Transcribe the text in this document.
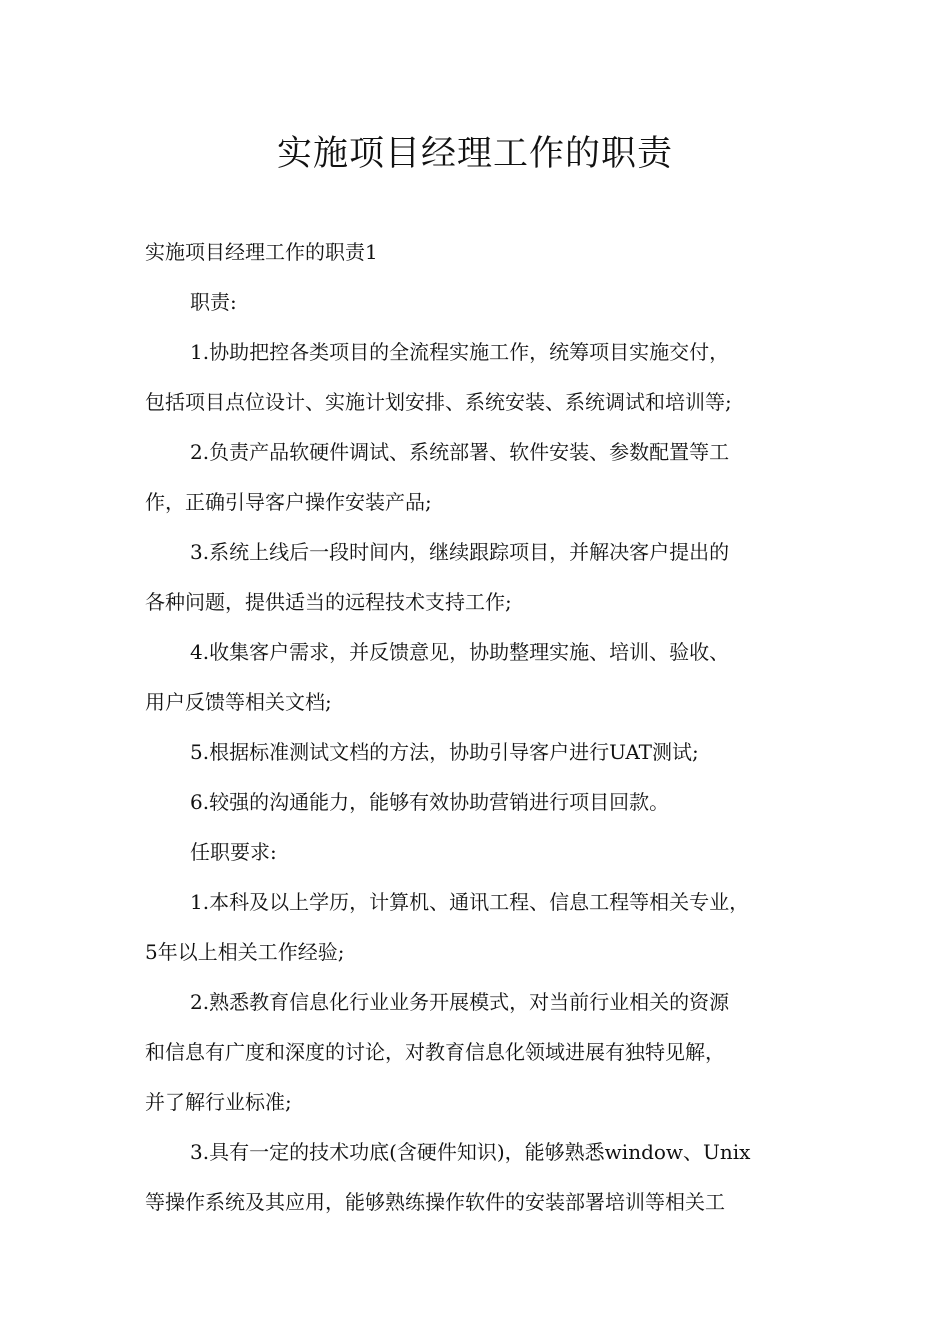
实施项目经理工作的职责

实施项目经理工作的职责1

职责:

1.协助把控各类项目的全流程实施工作，统筹项目实施交付，

包括项目点位设计、实施计划安排、系统安装、系统调试和培训等;

2.负责产品软硬件调试、系统部署、软件安装、参数配置等工

作，正确引导客户操作安装产品;

3.系统上线后一段时间内，继续跟踪项目，并解决客户提出的

各种问题，提供适当的远程技术支持工作;

4.收集客户需求，并反馈意见，协助整理实施、培训、验收、

用户反馈等相关文档;

5.根据标准测试文档的方法，协助引导客户进行UAT测试;

6.较强的沟通能力，能够有效协助营销进行项目回款。

任职要求:

1.本科及以上学历，计算机、通讯工程、信息工程等相关专业，

5年以上相关工作经验;

2.熟悉教育信息化行业业务开展模式，对当前行业相关的资源

和信息有广度和深度的讨论，对教育信息化领域进展有独特见解，

并了解行业标准;

3.具有一定的技术功底(含硬件知识)，能够熟悉window、Unix

等操作系统及其应用，能够熟练操作软件的安装部署培训等相关工
